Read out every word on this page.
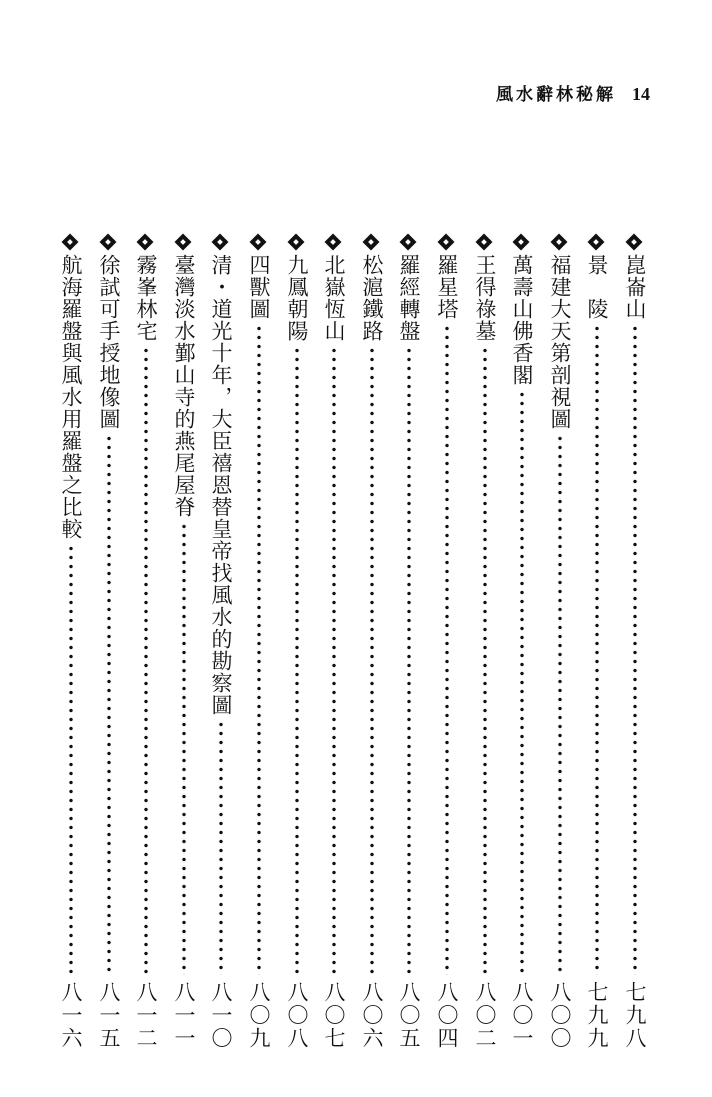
風水辭林秘解 14
崑崙山
七九八
景　陵
七九九
福建大天第剖視圖
八〇〇
萬壽山佛香閣
八〇一
王得祿墓
八〇二
羅星塔
八〇四
羅經轉盤
八〇五
松滬鐵路
八〇六
北嶽恆山
八〇七
九鳳朝陽
八〇八
四獸圖
八〇九
清・道光十年，大臣禧恩替皇帝找風水的勘察圖
八一〇
臺灣淡水鄞山寺的燕尾屋脊
八一一
霧峯林宅
八一二
徐試可手授地像圖
八一五
航海羅盤與風水用羅盤之比較
八一六
